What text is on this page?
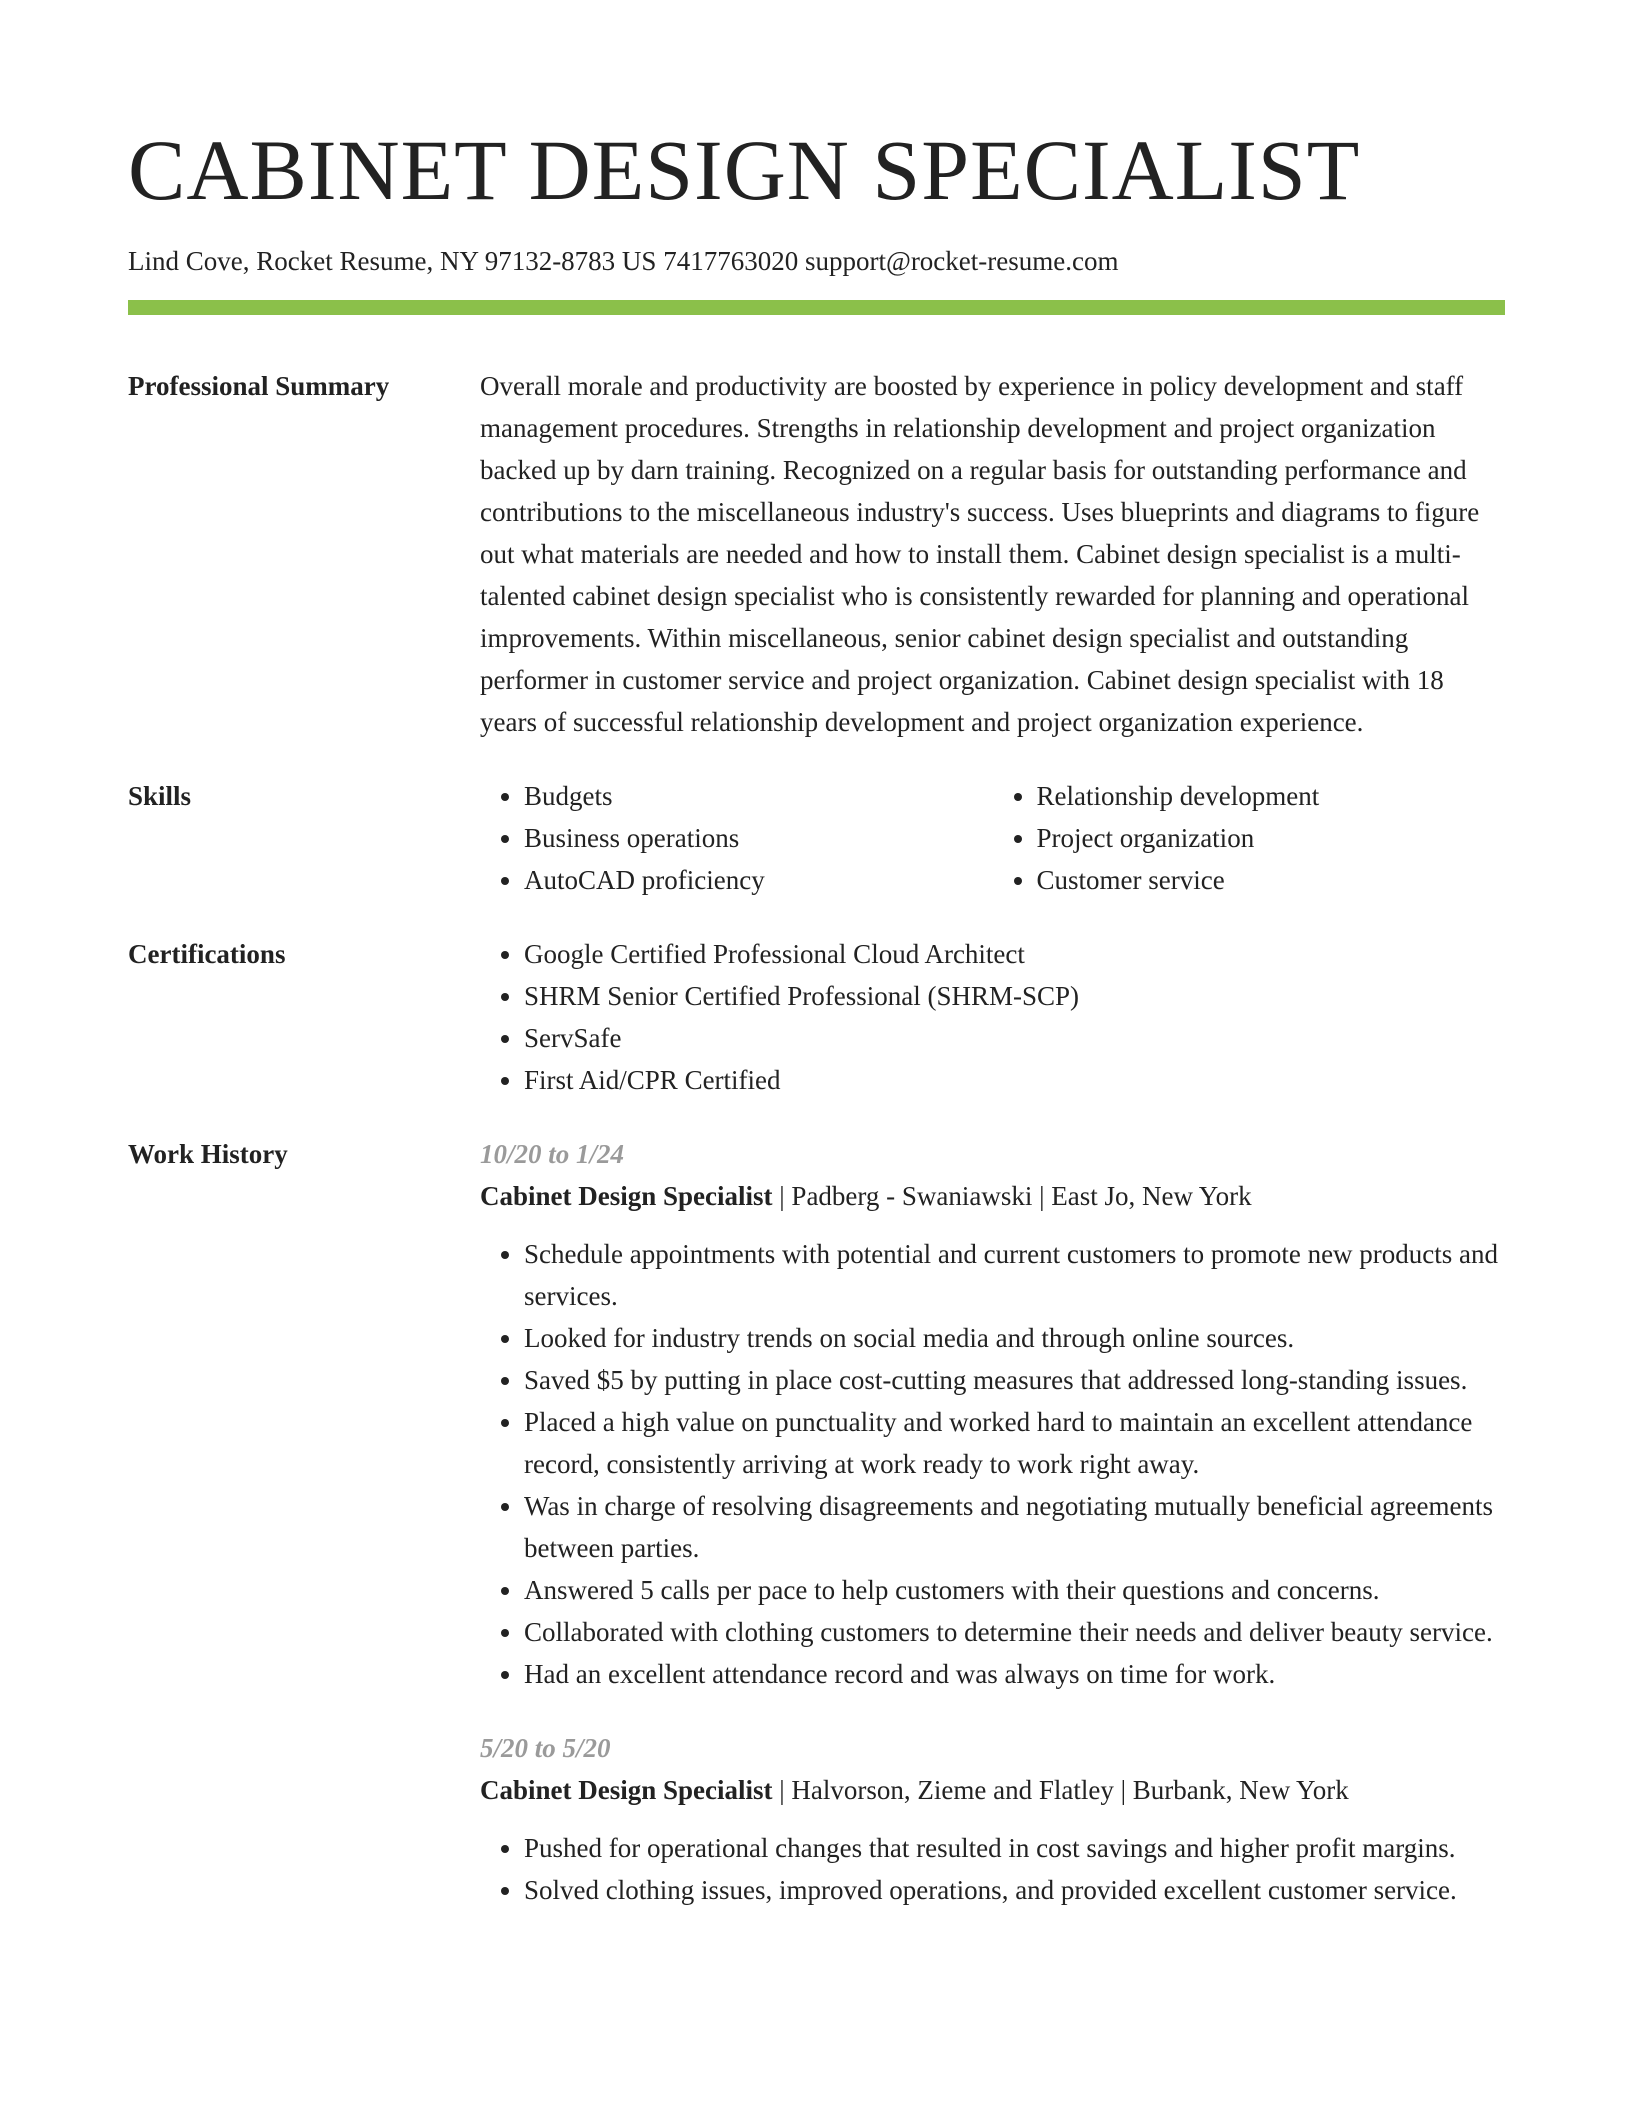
CABINET DESIGN SPECIALIST
Lind Cove, Rocket Resume, NY 97132-8783 US 7417763020 support@rocket-resume.com
Professional Summary	Overall morale and productivity are boosted by experience in policy development and staff management procedures. Strengths in relationship development and project organization backed up by darn training. Recognized on a regular basis for outstanding performance and contributions to the miscellaneous industry's success. Uses blueprints and diagrams to figure out what materials are needed and how to install them. Cabinet design specialist is a multi-talented cabinet design specialist who is consistently rewarded for planning and operational improvements. Within miscellaneous, senior cabinet design specialist and outstanding performer in customer service and project organization. Cabinet design specialist with 18 years of successful relationship development and project organization experience.

Skills	• Budgets
• Business operations
• AutoCAD proficiency
• Relationship development
• Project organization
• Customer service
Certifications	• Google Certified Professional Cloud Architect
• SHRM Senior Certified Professional (SHRM-SCP)
• ServSafe
• First Aid/CPR Certified
Work History	10/20 to 1/24

Cabinet Design Specialist | Padberg - Swaniawski | East Jo, New York

• Schedule appointments with potential and current customers to promote new products and services.
• Looked for industry trends on social media and through online sources.
• Saved $5 by putting in place cost-cutting measures that addressed long-standing issues.
• Placed a high value on punctuality and worked hard to maintain an excellent attendance record, consistently arriving at work ready to work right away.
• Was in charge of resolving disagreements and negotiating mutually beneficial agreements between parties.
• Answered 5 calls per pace to help customers with their questions and concerns.
• Collaborated with clothing customers to determine their needs and deliver beauty service.
• Had an excellent attendance record and was always on time for work.

5/20 to 5/20

Cabinet Design Specialist | Halvorson, Zieme and Flatley | Burbank, New York

• Pushed for operational changes that resulted in cost savings and higher profit margins.
• Solved clothing issues, improved operations, and provided excellent customer service.
